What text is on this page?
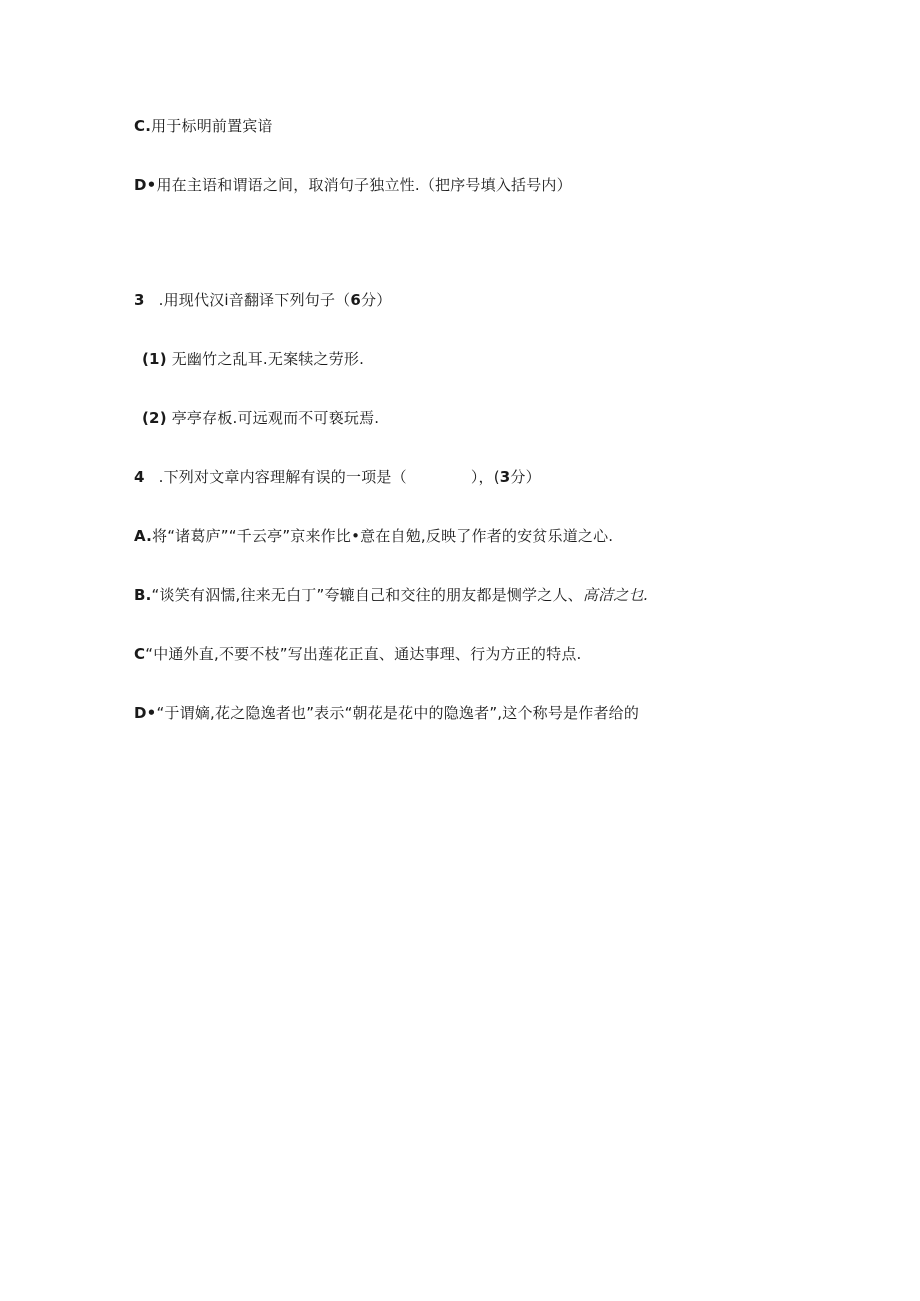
C.用于标明前置宾谙
D•用在主语和谓语之间，取消句子独立性.（把序号填入括号内）
3 .用现代汉i音翻译下列句子（6分）
(1) 无幽竹之乱耳.无案犊之劳形.
(2) 亭亭存板.可远观而不可亵玩焉.
4 .下列对文章内容理解有误的一项是（	），(3分）
A.将“诸葛庐”“千云亭”京来作比•意在自勉,反映了作者的安贫乐道之心.
B.“谈笑有泅懦,往来无白丁”夸辘自己和交往的朋友都是恻学之人、高洁之乜.
C“中通外直,不要不枝”写出莲花正直、通达事理、行为方正的特点.
D•“于谓嫡,花之隐逸者也”表示“朝花是花中的隐逸者”,这个称号是作者给的
